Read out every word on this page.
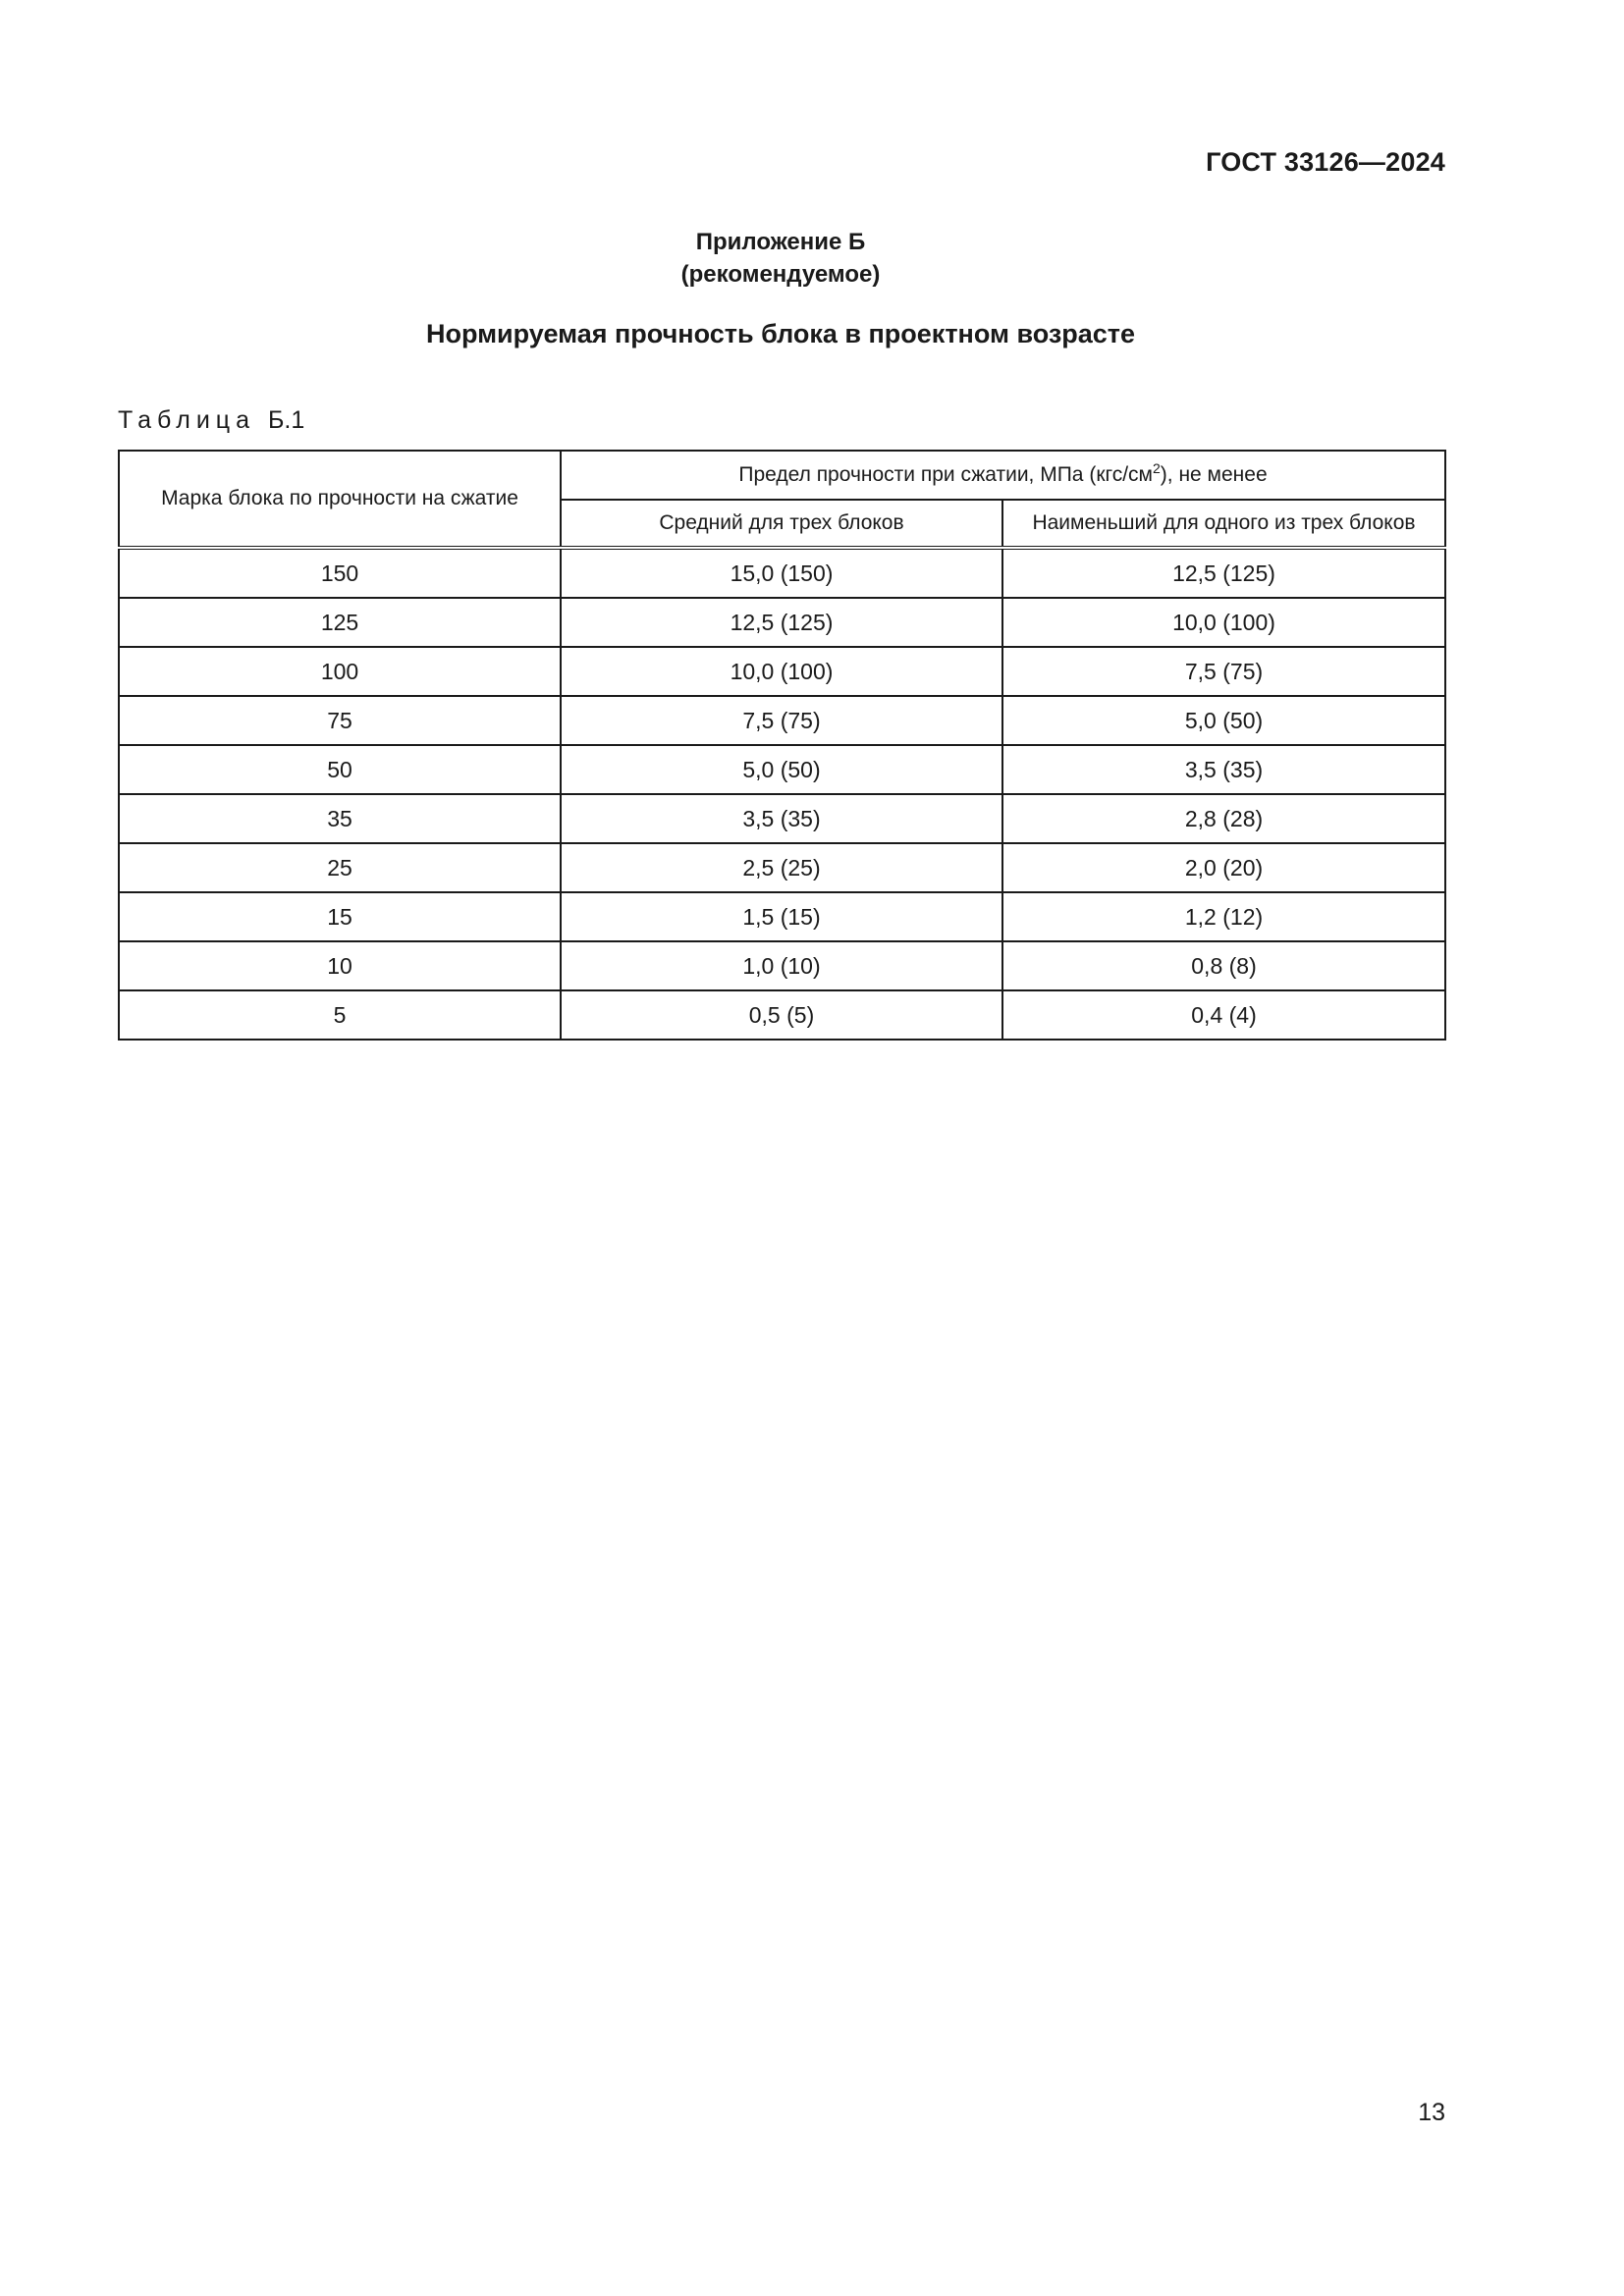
ГОСТ 33126—2024
Приложение Б
(рекомендуемое)
Нормируемая прочность блока в проектном возрасте
Таблица Б.1
Марка блока по прочности на сжатие	Предел прочности при сжатии, МПа $(кгс/см^2)$, не менее	
	Средний для трех блоков	Наименьший для одного из трех блоков
150	15,0 (150)	12,5 (125)
125	12,5 (125)	10,0 (100)
100	10,0 (100)	7,5 (75)
75	7,5 (75)	5,0 (50)
50	5,0 (50)	3,5 (35)
35	3,5 (35)	2,8 (28)
25	2,5 (25)	2,0 (20)
15	1,5 (15)	1,2 (12)
10	1,0 (10)	0,8 (8)
5	0,5 (5)	0,4 (4)
13
